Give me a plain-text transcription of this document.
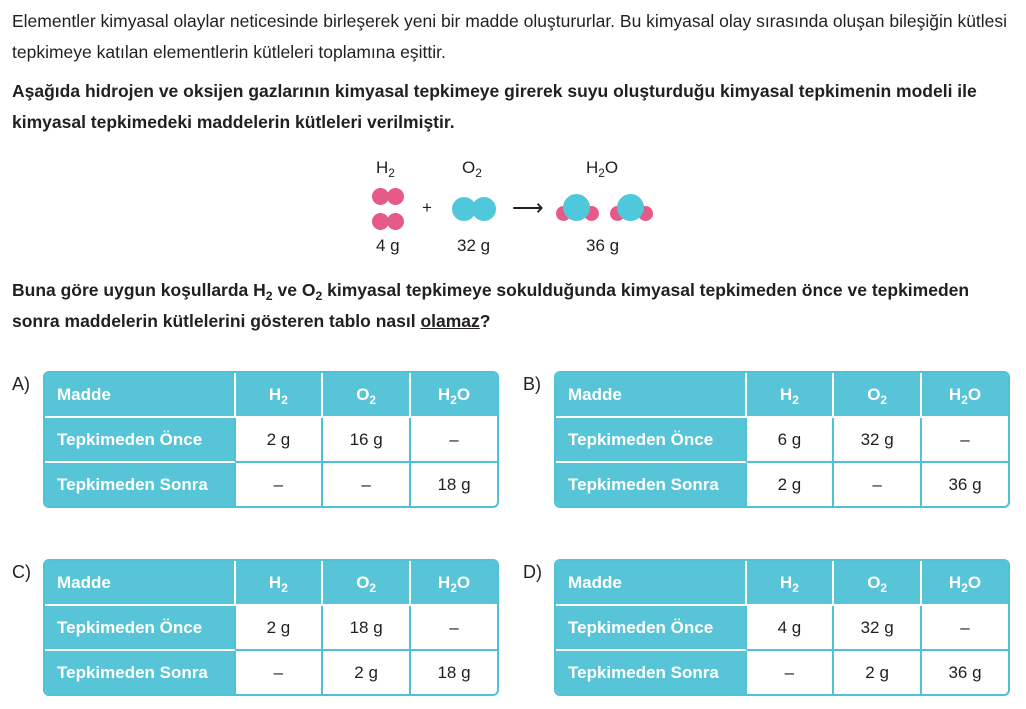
Elementler kimyasal olaylar neticesinde birleşerek yeni bir madde oluştururlar. Bu kimyasal olay sırasında oluşan bileşiğin kütlesi tepkimeye katılan elementlerin kütleleri toplamına eşittir.

Aşağıda hidrojen ve oksijen gazlarının kimyasal tepkimeye girerek suyu oluşturduğu kimyasal tepkimenin modeli ile kimyasal tepkimedeki maddelerin kütleleri verilmiştir.

$H_2$	$O_2$	$H_2O$
+	⟶
4 g	32 g	36 g

Buna göre uygun koşullarda $H_2$ ve $O_2$ kimyasal tepkimeye sokulduğunda kimyasal tepkimeden önce ve tepkimeden sonra maddelerin kütlelerini gösteren tablo nasıl olamaz?

A) Madde	$H_2$	$O_2$	$H_2O$
Tepkimeden Önce	2 g	16 g	–
Tepkimeden Sonra	–	–	18 g
B) Madde	$H_2$	$O_2$	$H_2O$
Tepkimeden Önce	6 g	32 g	–
Tepkimeden Sonra	2 g	–	36 g
C) Madde	$H_2$	$O_2$	$H_2O$
Tepkimeden Önce	2 g	18 g	–
Tepkimeden Sonra	–	2 g	18 g
D) Madde	$H_2$	$O_2$	$H_2O$
Tepkimeden Önce	4 g	32 g	–
Tepkimeden Sonra	–	2 g	36 g
